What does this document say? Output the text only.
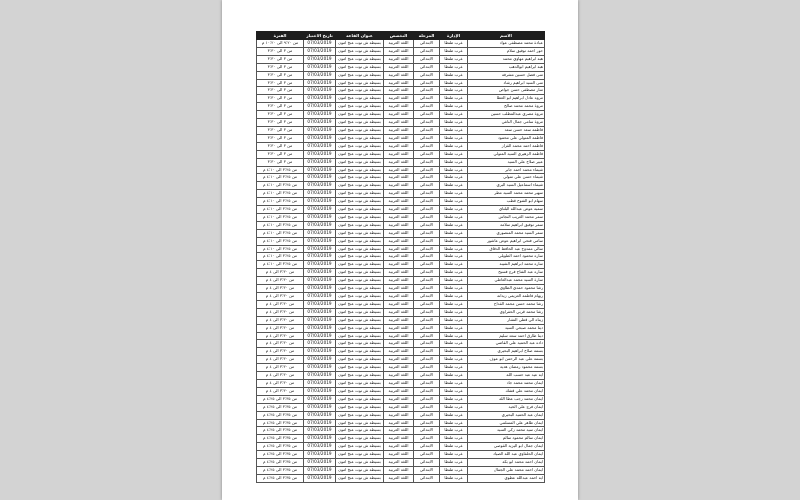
الاسم	الإدارة	المرحلة	التخصص	عنوان القاعة	تاريخ الاختبار	الفترة
عبادة محمد مصطفى عواد	غرب طنطا	الابتدائي	اللغة العربية	بسيطه ش توت عنخ امون	07/03/2019	من ٩:٢٠ الى ١٠:٢٠ م
حور احمد توفيق سلام	غرب طنطا	الابتدائي	اللغة العربية	بسيطه ش توت عنخ امون	07/03/2019	من ٣ الى ٣:٣٠
هبه ابراهيم مهاوي محمد	غرب طنطا	الابتدائي	اللغة العربية	بسيطه ش توت عنخ امون	07/03/2019	من ٣ الى ٣:٣٠
هبه ابراهيم ابوالدهب	غرب طنطا	الابتدائي	اللغة العربية	بسيطه ش توت عنخ امون	07/03/2019	من ٣ الى ٣:٣٠
منى فضل حسين مشرفه	غرب طنطا	الابتدائي	اللغة العربية	بسيطه ش توت عنخ امون	07/03/2019	من ٣ الى ٣:٣٠
منى السيد ابراهيم رشاد	غرب طنطا	الابتدائي	اللغة العربية	بسيطه ش توت عنخ امون	07/03/2019	من ٣ الى ٣:٣٠
منار مصطفى حسن جواص	غرب طنطا	الابتدائي	اللغة العربية	بسيطه ش توت عنخ امون	07/03/2019	من ٣ الى ٣:٣٠
مروه عادل ابراهيم ابو العطا	غرب طنطا	الابتدائي	اللغة العربية	بسيطه ش توت عنخ امون	07/03/2019	من ٣ الى ٣:٣٠
مروة محمد محمد صالح	غرب طنطا	الابتدائي	اللغة العربية	بسيطه ش توت عنخ امون	07/03/2019	من ٣ الى ٣:٣٠
مروة مصري عبدالمطلب حسين	غرب طنطا	الابتدائي	اللغة العربية	بسيطه ش توت عنخ امون	07/03/2019	من ٣ الى ٣:٣٠
مروة سامي جمال الناغي	غرب طنطا	الابتدائي	اللغة العربية	بسيطه ش توت عنخ امون	07/03/2019	من ٣ الى ٣:٣٠
فاطمه سعد حسن سعد	غرب طنطا	الابتدائي	اللغة العربية	بسيطه ش توت عنخ امون	07/03/2019	من ٣ الى ٣:٣٠
فاطمة المتولي علي محمود	غرب طنطا	الابتدائي	اللغة العربية	بسيطه ش توت عنخ امون	07/03/2019	من ٣ الى ٣:٣٠
فاطمة احمد محمد القزاز	غرب طنطا	الابتدائي	اللغة العربية	بسيطه ش توت عنخ امون	07/03/2019	من ٣ الى ٣:٣٠
فاطمة الزهيري السيد المتولي	غرب طنطا	الابتدائي	اللغة العربية	بسيطه ش توت عنخ امون	07/03/2019	من ٣ الى ٣:٣٠
عبير صلاح علي السيد	غرب طنطا	الابتدائي	اللغة العربية	بسيطه ش توت عنخ امون	07/03/2019	من ٣ الى ٣:٣٠
شيماء محمد احمد جابر	غرب طنطا	الابتدائي	اللغة العربية	بسيطه ش توت عنخ امون	07/03/2019	من ٣:٢٥ الى ٤:١٠ م
شيماء حسن علي متولي	غرب طنطا	الابتدائي	اللغة العربية	بسيطه ش توت عنخ امون	07/03/2019	من ٣:٢٥ الى ٤:١٠ م
شيماء اسماعيل السيد البري	غرب طنطا	الابتدائي	اللغة العربية	بسيطه ش توت عنخ امون	07/03/2019	من ٣:٢٥ الى ٤:١٠ م
سهير محمد محمد السيد مطر	غرب طنطا	الابتدائي	اللغة العربية	بسيطه ش توت عنخ امون	07/03/2019	من ٣:٢٥ الى ٤:١٠ م
سهام ابو الفتوح قطب	غرب طنطا	الابتدائي	اللغة العربية	بسيطه ش توت عنخ امون	07/03/2019	من ٣:٢٥ الى ٤:١٠ م
سميه عوض عبدالله البلتاي	غرب طنطا	الابتدائي	اللغة العربية	بسيطه ش توت عنخ امون	07/03/2019	من ٣:٢٥ الى ٤:١٠ م
سمر محمد الغريب النجاس	غرب طنطا	الابتدائي	اللغة العربية	بسيطه ش توت عنخ امون	07/03/2019	من ٣:٢٥ الى ٤:١٠ م
سمر توفيق ابراهيم سلامة	غرب طنطا	الابتدائي	اللغة العربية	بسيطه ش توت عنخ امون	07/03/2019	من ٣:٢٥ الى ٤:١٠ م
سمر السيد محمد المنصوري	غرب طنطا	الابتدائي	اللغة العربية	بسيطه ش توت عنخ امون	07/03/2019	من ٣:٢٥ الى ٤:١٠ م
سامي فتحي ابراهيم عوض عاشور	غرب طنطا	الابتدائي	اللغة العربية	بسيطه ش توت عنخ امون	07/03/2019	من ٣:٢٥ الى ٤:١٠ م
سالي ممدوح عبد الحافظ الدقاق	غرب طنطا	الابتدائي	اللغة العربية	بسيطه ش توت عنخ امون	07/03/2019	من ٣:٢٥ الى ٤:١٠ م
ساره محمود احمد الطويلي	غرب طنطا	الابتدائي	اللغة العربية	بسيطه ش توت عنخ امون	07/03/2019	من ٣:٢٥ الى ٤:١٠ م
ساره محمد ابراهيم الشيبه	غرب طنطا	الابتدائي	اللغة العربية	بسيطه ش توت عنخ امون	07/03/2019	من ٣:٢٥ الى ٤:١٠ م
ساره عبد الفتاح فرج فسيح	غرب طنطا	الابتدائي	اللغة العربية	بسيطه ش توت عنخ امون	07/03/2019	من ٣:٣٠ الى ٤ م
سارة السيد محمد عبدالعاطي	غرب طنطا	الابتدائي	اللغة العربية	بسيطه ش توت عنخ امون	07/03/2019	من ٣:٣٠ الى ٤ م
رشا محمود حمدي الطاوي	غرب طنطا	الابتدائي	اللغة العربية	بسيطه ش توت عنخ امون	07/03/2019	من ٣:٣٠ الى ٤ م
ريهام فاطمه العزيمي زيدانه	غرب طنطا	الابتدائي	اللغة العربية	بسيطه ش توت عنخ امون	07/03/2019	من ٣:٣٠ الى ٤ م
رشا محمد حسن محمد القداح	غرب طنطا	الابتدائي	اللغة العربية	بسيطه ش توت عنخ امون	07/03/2019	من ٣:٣٠ الى ٤ م
رشا محمد قربي الحفراوي	غرب طنطا	الابتدائي	اللغة العربية	بسيطه ش توت عنخ امون	07/03/2019	من ٣:٣٠ الى ٤ م
زيناه الي قطي النشار	غرب طنطا	الابتدائي	اللغة العربية	بسيطه ش توت عنخ امون	07/03/2019	من ٣:٣٠ الى ٤ م
دينا محمد صبحي السيد	غرب طنطا	الابتدائي	اللغة العربية	بسيطه ش توت عنخ امون	07/03/2019	من ٣:٣٠ الى ٤ م
دينا طارق احمد سعد سليم	غرب طنطا	الابتدائي	اللغة العربية	بسيطه ش توت عنخ امون	07/03/2019	من ٣:٣٠ الى ٤ م
داده عبد الحميد علي القاضي	غرب طنطا	الابتدائي	اللغة العربية	بسيطه ش توت عنخ امون	07/03/2019	من ٣:٣٠ الى ٤ م
بسمه صلاح ابراهيم البحيري	غرب طنطا	الابتدائي	اللغة العربية	بسيطه ش توت عنخ امون	07/03/2019	من ٣:٣٠ الى ٤ م
بسمة على عبد الرحمن ابو عوف	غرب طنطا	الابتدائي	اللغة العربية	بسيطه ش توت عنخ امون	07/03/2019	من ٣:٣٠ الى ٤ م
بسمة محمود رمضان هدية	غرب طنطا	الابتدائي	اللغة العربية	بسيطه ش توت عنخ امون	07/03/2019	من ٣:٣٠ الى ٤ م
ايه عيد عبد حسب الله	غرب طنطا	الابتدائي	اللغة العربية	بسيطه ش توت عنخ امون	07/03/2019	من ٣:٣٠ الى ٤ م
ايمان محمد محمد جاد	غرب طنطا	الابتدائي	اللغة العربية	بسيطه ش توت عنخ امون	07/03/2019	من ٣:٣٠ الى ٤ م
ايمان محمد علي قشك	غرب طنطا	الابتدائي	اللغة العربية	بسيطه ش توت عنخ امون	07/03/2019	من ٣:٣٠ الى ٤ م
ايمان محمد رجب عطا الله	غرب طنطا	الابتدائي	اللغة العربية	بسيطه ش توت عنخ امون	07/03/2019	من ٣:٣٥ الى ٤:٢٥ م
ايمان فرج علي الحيد	غرب طنطا	الابتدائي	اللغة العربية	بسيطه ش توت عنخ امون	07/03/2019	من ٣:٣٥ الى ٤:٢٥ م
ايمان عبد الحميد البحيري	غرب طنطا	الابتدائي	اللغة العربية	بسيطه ش توت عنخ امون	07/03/2019	من ٣:٣٥ الى ٤:٢٥ م
ايمان طاهر علي المسلمي	غرب طنطا	الابتدائي	اللغة العربية	بسيطه ش توت عنخ امون	07/03/2019	من ٣:٣٥ الى ٤:٢٥ م
ايمان سيد محمد زكي السيد	غرب طنطا	الابتدائي	اللغة العربية	بسيطه ش توت عنخ امون	07/03/2019	من ٣:٣٥ الى ٤:٢٥ م
ايمان سالم محمود سالم	غرب طنطا	الابتدائي	اللغة العربية	بسيطه ش توت عنخ امون	07/03/2019	من ٣:٣٥ الى ٤:٢٥ م
ايمان جمال ابو اليزيد القوصي	غرب طنطا	الابتدائي	اللغة العربية	بسيطه ش توت عنخ امون	07/03/2019	من ٣:٣٥ الى ٤:٢٥ م
ايمان الحلفاوي عبد الله الصياد	غرب طنطا	الابتدائي	اللغة العربية	بسيطه ش توت عنخ امون	07/03/2019	من ٣:٣٥ الى ٤:٢٥ م
ايمان احمد محمد ابو بكه	غرب طنطا	الابتدائي	اللغة العربية	بسيطه ش توت عنخ امون	07/03/2019	من ٣:٣٥ الى ٤:٢٥ م
ايمان احمد محمد علي الجمال	غرب طنطا	الابتدائي	اللغة العربية	بسيطه ش توت عنخ امون	07/03/2019	من ٣:٣٥ الى ٤:٢٥ م
ايه احمد عبدالله عطوي	غرب طنطا	الابتدائي	اللغة العربية	بسيطه ش توت عنخ امون	07/03/2019	من ٣:٣٥ الى ٤:٢٥ م
